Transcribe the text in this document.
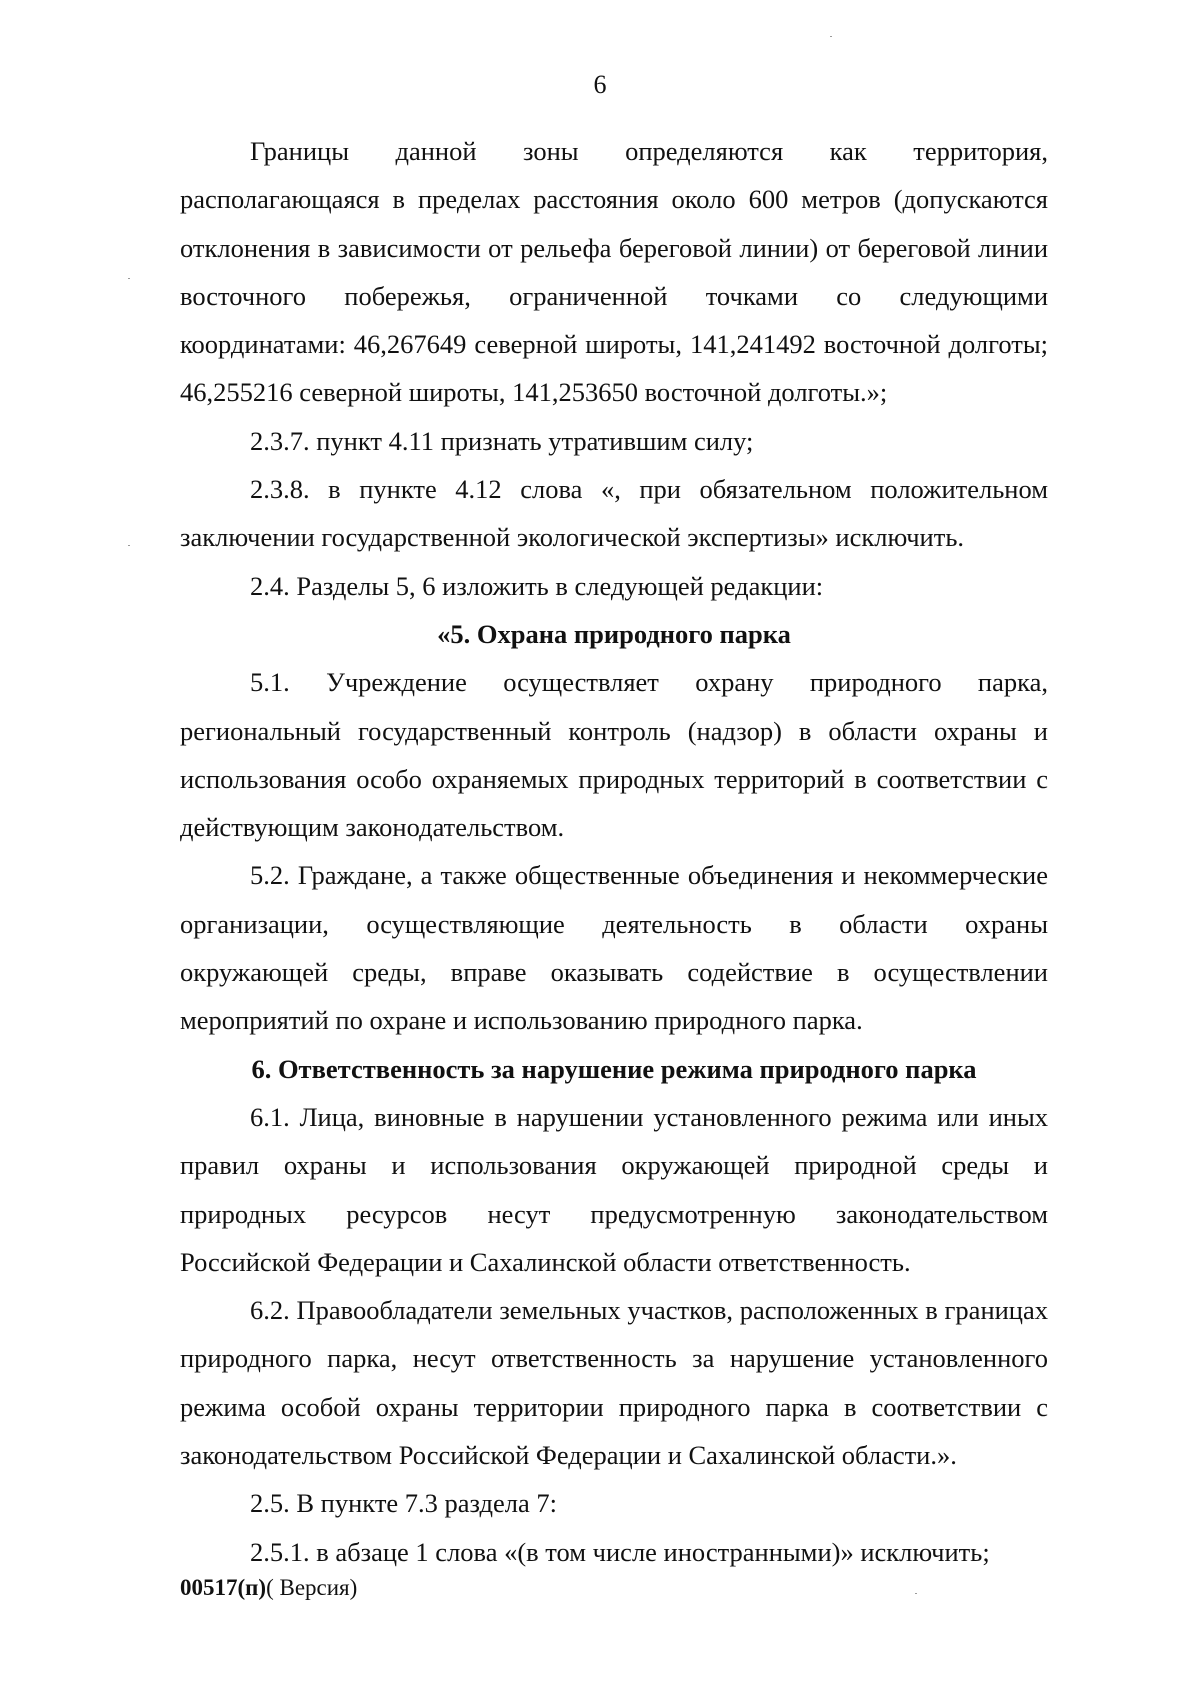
6

Границы данной зоны определяются как территория, располагающаяся в пределах расстояния около 600 метров (допускаются отклонения в зависимости от рельефа береговой линии) от береговой линии восточного побережья, ограниченной точками со следующими координатами: 46,267649 северной широты, 141,241492 восточной долготы; 46,255216 северной широты, 141,253650 восточной долготы.»;

2.3.7. пункт 4.11 признать утратившим силу;

2.3.8. в пункте 4.12 слова «, при обязательном положительном заключении государственной экологической экспертизы» исключить.

2.4. Разделы 5, 6 изложить в следующей редакции:

«5. Охрана природного парка

5.1. Учреждение осуществляет охрану природного парка, региональный государственный контроль (надзор) в области охраны и использования особо охраняемых природных территорий в соответствии с действующим законодательством.

5.2. Граждане, а также общественные объединения и некоммерческие организации, осуществляющие деятельность в области охраны окружающей среды, вправе оказывать содействие в осуществлении мероприятий по охране и использованию природного парка.

6. Ответственность за нарушение режима природного парка

6.1. Лица, виновные в нарушении установленного режима или иных правил охраны и использования окружающей природной среды и природных ресурсов несут предусмотренную законодательством Российской Федерации и Сахалинской области ответственность.

6.2. Правообладатели земельных участков, расположенных в границах природного парка, несут ответственность за нарушение установленного режима особой охраны территории природного парка в соответствии с законодательством Российской Федерации и Сахалинской области.».

2.5. В пункте 7.3 раздела 7:

2.5.1. в абзаце 1 слова «(в том числе иностранными)» исключить;

00517(п)( Версия)
